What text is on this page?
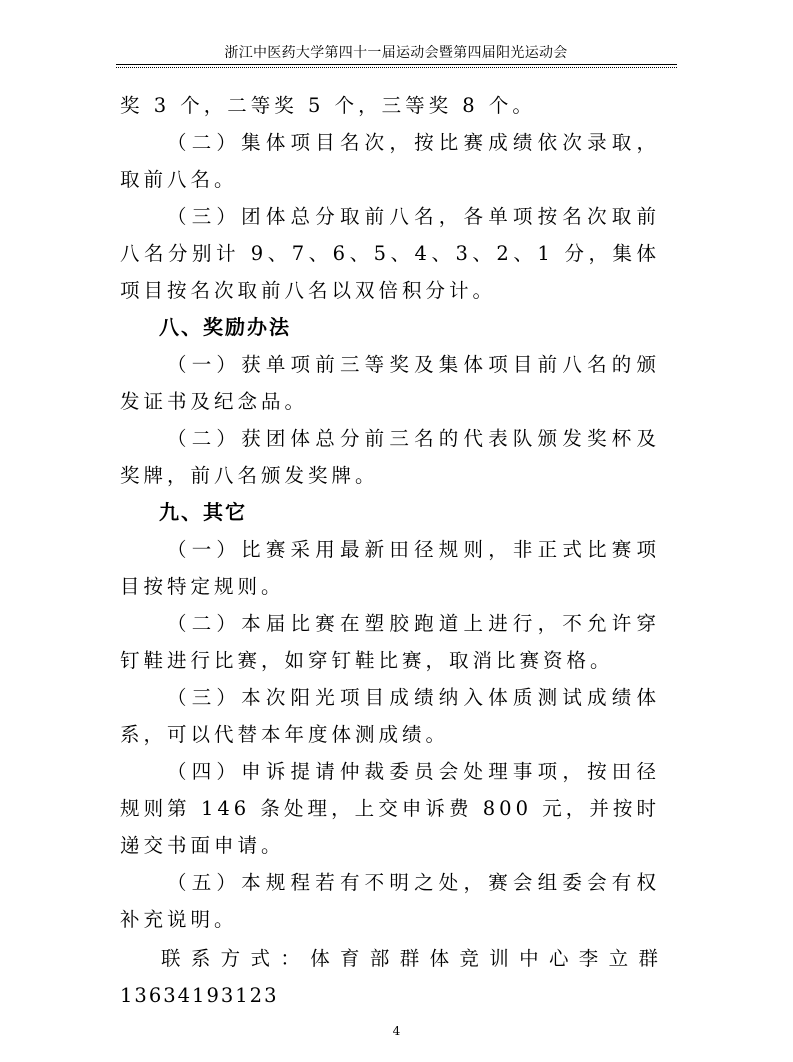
浙江中医药大学第四十一届运动会暨第四届阳光运动会

奖 3 个，二等奖 5 个，三等奖 8 个。

（二）集体项目名次，按比赛成绩依次录取，取前八名。

（三）团体总分取前八名，各单项按名次取前八名分别计 9、7、6、5、4、3、2、1 分，集体项目按名次取前八名以双倍积分计。

八、奖励办法

（一）获单项前三等奖及集体项目前八名的颁发证书及纪念品。

（二）获团体总分前三名的代表队颁发奖杯及奖牌，前八名颁发奖牌。

九、其它

（一）比赛采用最新田径规则，非正式比赛项目按特定规则。

（二）本届比赛在塑胶跑道上进行，不允许穿钉鞋进行比赛，如穿钉鞋比赛，取消比赛资格。

（三）本次阳光项目成绩纳入体质测试成绩体系，可以代替本年度体测成绩。

（四）申诉提请仲裁委员会处理事项，按田径规则第 146 条处理，上交申诉费 800 元，并按时递交书面申请。

（五）本规程若有不明之处，赛会组委会有权补充说明。

联系方式：体育部群体竞训中心李立群 13634193123

4
